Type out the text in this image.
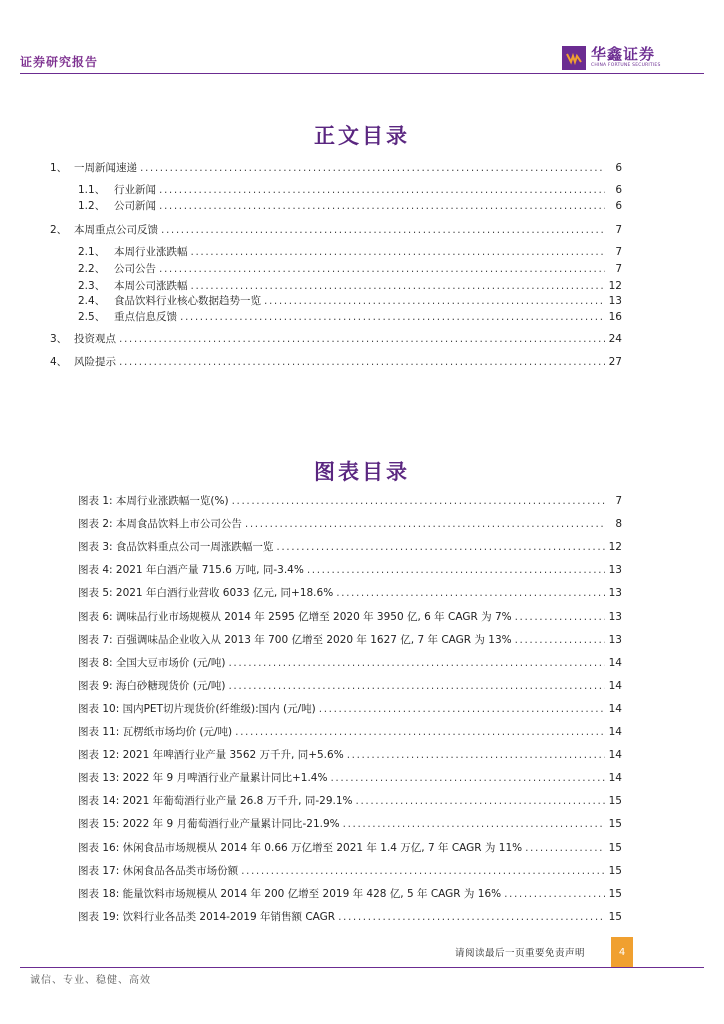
证券研究报告	华鑫证券
CHINA FORTUNE SECURITIES
正文目录
1、 一周新闻速递 .....	6
1.1、 行业新闻 .....	6
1.2、 公司新闻 .....	6
2、 本周重点公司反馈 .....	7
2.1、 本周行业涨跌幅 .....	7
2.2、 公司公告 .....	7
2.3、 本周公司涨跌幅 .....	12
2.4、 食品饮料行业核心数据趋势一览 .....	13
2.5、 重点信息反馈 .....	16
3、 投资观点 .....	24
4、 风险提示 .....	27
图表目录
图表 1: 本周行业涨跌幅一览(%) .....	7
图表 2: 本周食品饮料上市公司公告 .....	8
图表 3: 食品饮料重点公司一周涨跌幅一览 .....	12
图表 4: 2021 年白酒产量 715.6 万吨, 同-3.4% .....	13
图表 5: 2021 年白酒行业营收 6033 亿元, 同+18.6% .....	13
图表 6: 调味品行业市场规模从 2014 年 2595 亿增至 2020 年 3950 亿, 6 年 CAGR 为 7% .....	13
图表 7: 百强调味品企业收入从 2013 年 700 亿增至 2020 年 1627 亿, 7 年 CAGR 为 13% .....	13
图表 8: 全国大豆市场价 (元/吨) .....	14
图表 9: 海白砂糖现货价 (元/吨) .....	14
图表 10: 国内PET切片现货价(纤维级):国内 (元/吨) .....	14
图表 11: 瓦楞纸市场均价 (元/吨) .....	14
图表 12: 2021 年啤酒行业产量 3562 万千升, 同+5.6% .....	14
图表 13: 2022 年 9 月啤酒行业产量累计同比+1.4% .....	14
图表 14: 2021 年葡萄酒行业产量 26.8 万千升, 同-29.1% .....	15
图表 15: 2022 年 9 月葡萄酒行业产量累计同比-21.9% .....	15
图表 16: 休闲食品市场规模从 2014 年 0.66 万亿增至 2021 年 1.4 万亿, 7 年 CAGR 为 11% .....	15
图表 17: 休闲食品各品类市场份额 .....	15
图表 18: 能量饮料市场规模从 2014 年 200 亿增至 2019 年 428 亿, 5 年 CAGR 为 16% .....	15
图表 19: 饮料行业各品类 2014-2019 年销售额 CAGR .....	15
请阅读最后一页重要免责声明	4
诚信、专业、稳健、高效
